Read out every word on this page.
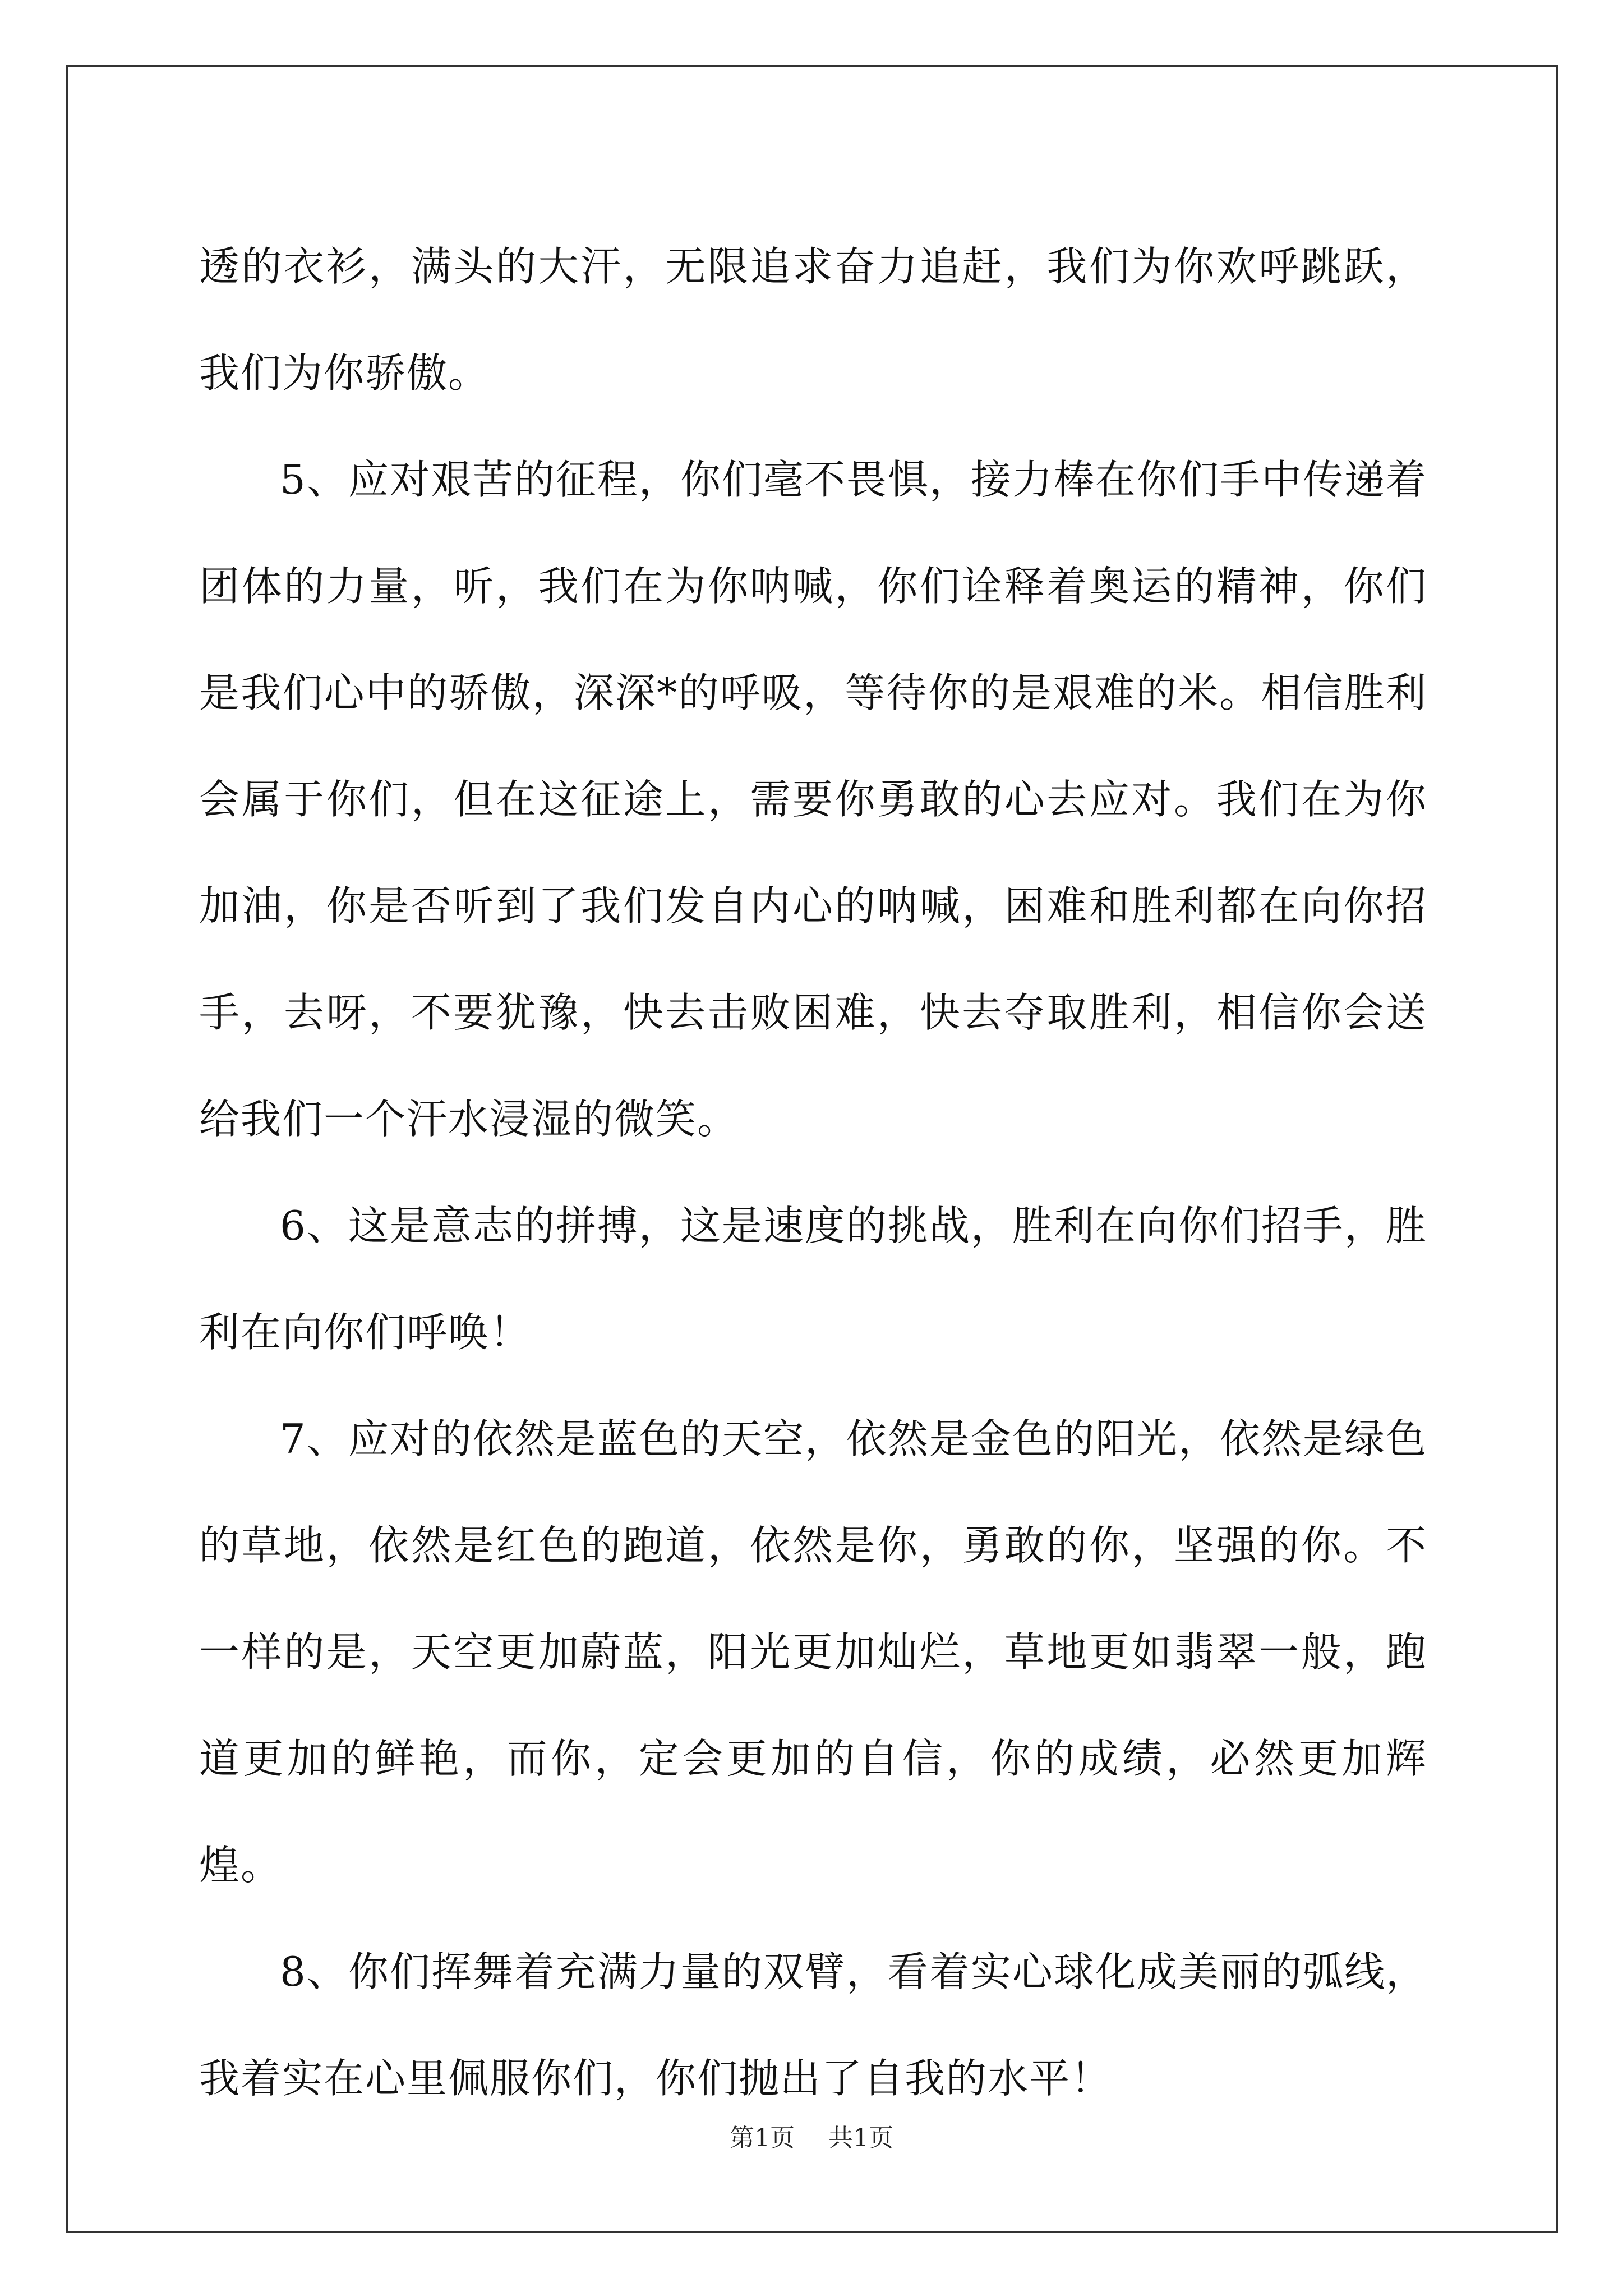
透的衣衫，满头的大汗，无限追求奋力追赶，我们为你欢呼跳跃，我们为你骄傲。

5、应对艰苦的征程，你们毫不畏惧，接力棒在你们手中传递着团体的力量，听，我们在为你呐喊，你们诠释着奥运的精神，你们是我们心中的骄傲，深深*的呼吸，等待你的是艰难的米。相信胜利会属于你们，但在这征途上，需要你勇敢的心去应对。我们在为你加油，你是否听到了我们发自内心的呐喊，困难和胜利都在向你招手，去呀，不要犹豫，快去击败困难，快去夺取胜利，相信你会送给我们一个汗水浸湿的微笑。

6、这是意志的拼搏，这是速度的挑战，胜利在向你们招手，胜利在向你们呼唤！

7、应对的依然是蓝色的天空，依然是金色的阳光，依然是绿色的草地，依然是红色的跑道，依然是你，勇敢的你，坚强的你。不一样的是，天空更加蔚蓝，阳光更加灿烂，草地更如翡翠一般，跑道更加的鲜艳，而你，定会更加的自信，你的成绩，必然更加辉煌。

8、你们挥舞着充满力量的双臂，看着实心球化成美丽的弧线，我着实在心里佩服你们，你们抛出了自我的水平！

第1页 共1页
